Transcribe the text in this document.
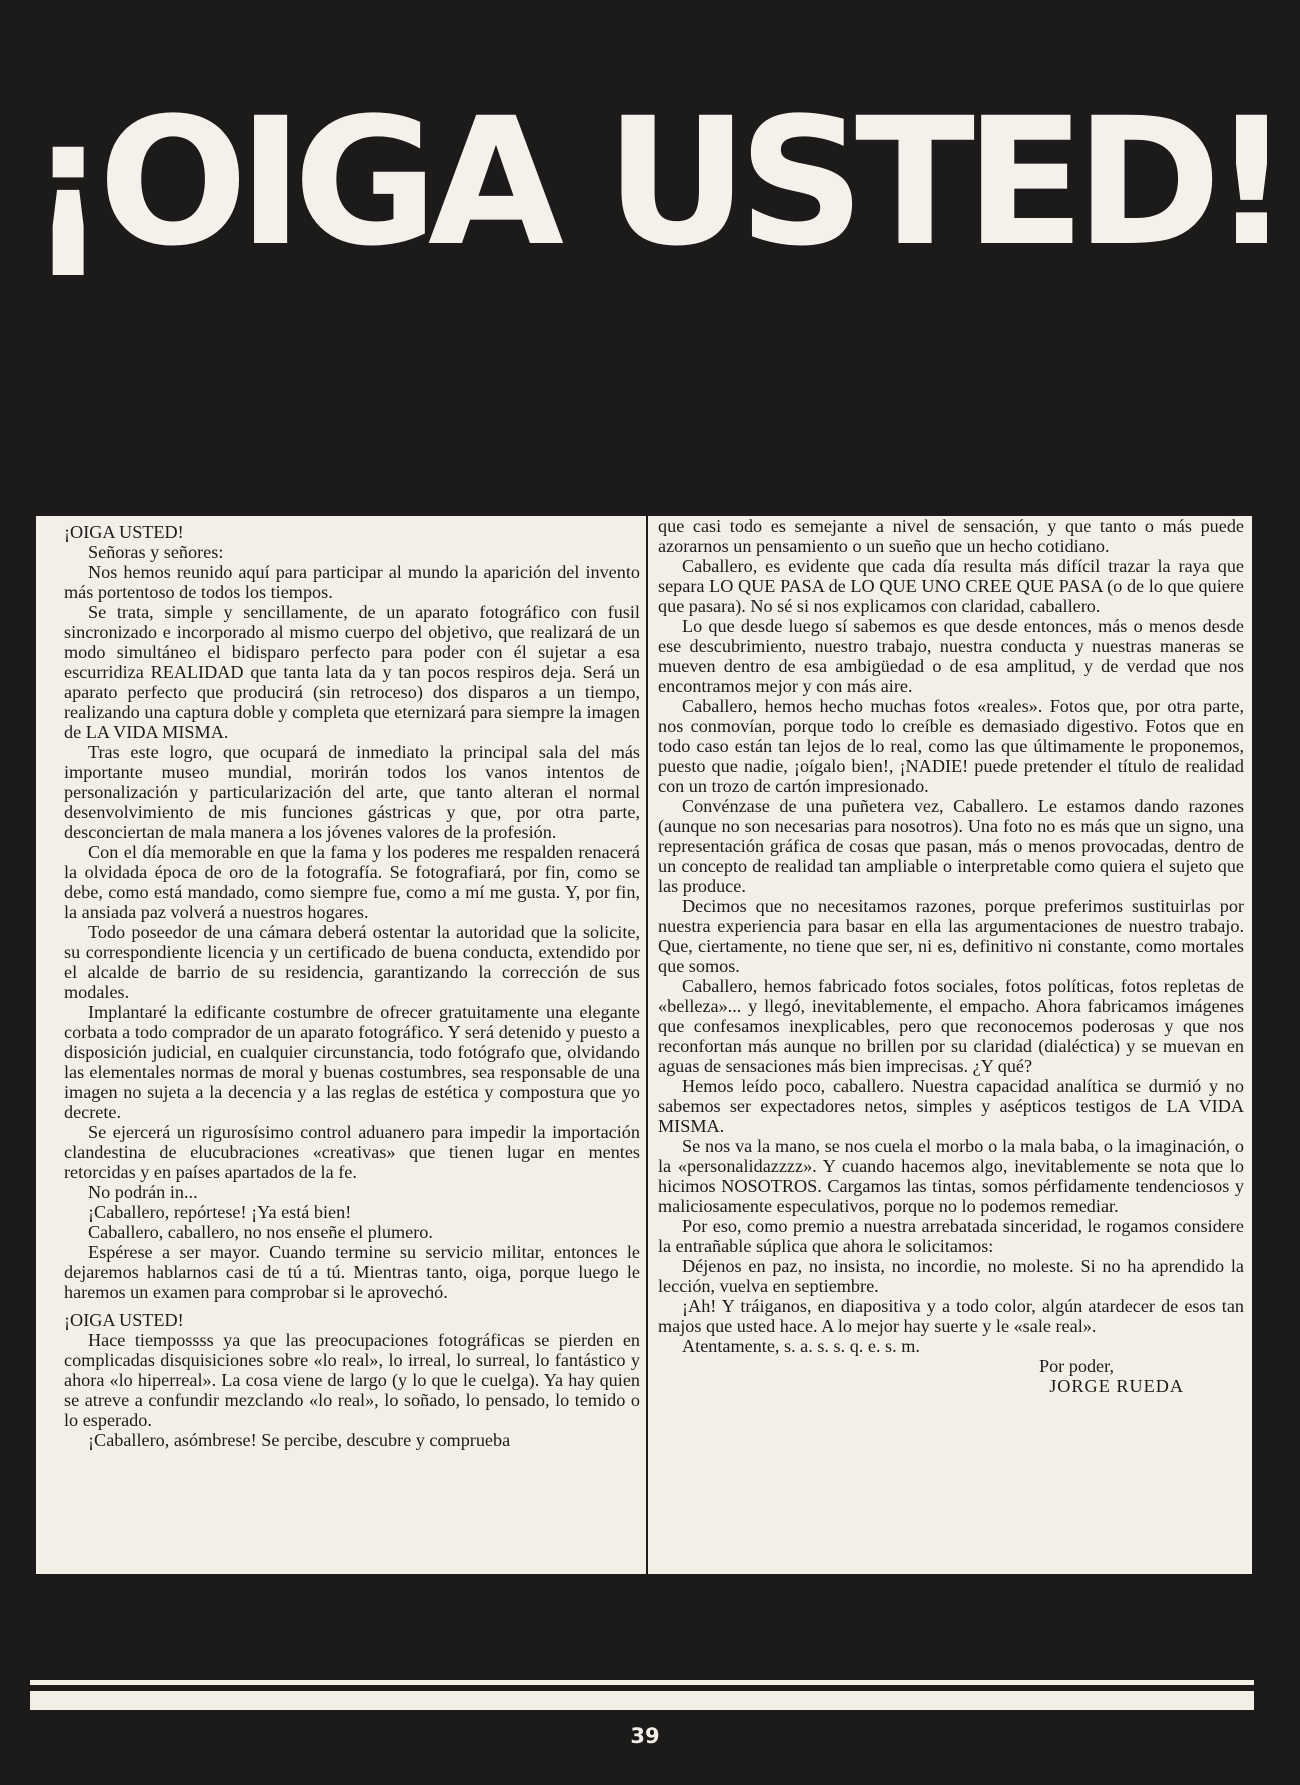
¡OIGA USTED!

¡OIGA USTED!

Señoras y señores:

Nos hemos reunido aquí para participar al mundo la aparición del invento más portentoso de todos los tiempos.

Se trata, simple y sencillamente, de un aparato fotográfico con fusil sincronizado e incorporado al mismo cuerpo del objetivo, que realizará de un modo simultáneo el bidisparo perfecto para poder con él sujetar a esa escurridiza REALIDAD que tanta lata da y tan pocos respiros deja. Será un aparato perfecto que producirá (sin retroceso) dos disparos a un tiempo, realizando una captura doble y completa que eternizará para siempre la imagen de LA VIDA MISMA.

Tras este logro, que ocupará de inmediato la principal sala del más importante museo mundial, morirán todos los vanos intentos de personalización y particularización del arte, que tanto alteran el normal desenvolvimiento de mis funciones gástricas y que, por otra parte, desconciertan de mala manera a los jóvenes valores de la profesión.

Con el día memorable en que la fama y los poderes me respalden renacerá la olvidada época de oro de la fotografía. Se fotografiará, por fin, como se debe, como está mandado, como siempre fue, como a mí me gusta. Y, por fin, la ansiada paz volverá a nuestros hogares.

Todo poseedor de una cámara deberá ostentar la autoridad que la solicite, su correspondiente licencia y un certificado de buena conducta, extendido por el alcalde de barrio de su residencia, garantizando la corrección de sus modales.

Implantaré la edificante costumbre de ofrecer gratuitamente una elegante corbata a todo comprador de un aparato fotográfico. Y será detenido y puesto a disposición judicial, en cualquier circunstancia, todo fotógrafo que, olvidando las elementales normas de moral y buenas costumbres, sea responsable de una imagen no sujeta a la decencia y a las reglas de estética y compostura que yo decrete.

Se ejercerá un rigurosísimo control aduanero para impedir la importación clandestina de elucubraciones «creativas» que tienen lugar en mentes retorcidas y en países apartados de la fe.

No podrán in...

¡Caballero, repórtese! ¡Ya está bien!

Caballero, caballero, no nos enseñe el plumero.

Espérese a ser mayor. Cuando termine su servicio militar, entonces le dejaremos hablarnos casi de tú a tú. Mientras tanto, oiga, porque luego le haremos un examen para comprobar si le aprovechó.

¡OIGA USTED!

Hace tiempossss ya que las preocupaciones fotográficas se pierden en complicadas disquisiciones sobre «lo real», lo irreal, lo surreal, lo fantástico y ahora «lo hiperreal». La cosa viene de largo (y lo que le cuelga). Ya hay quien se atreve a confundir mezclando «lo real», lo soñado, lo pensado, lo temido o lo esperado.

¡Caballero, asómbrese! Se percibe, descubre y comprueba

que casi todo es semejante a nivel de sensación, y que tanto o más puede azorarnos un pensamiento o un sueño que un hecho cotidiano.

Caballero, es evidente que cada día resulta más difícil trazar la raya que separa LO QUE PASA de LO QUE UNO CREE QUE PASA (o de lo que quiere que pasara). No sé si nos explicamos con claridad, caballero.

Lo que desde luego sí sabemos es que desde entonces, más o menos desde ese descubrimiento, nuestro trabajo, nuestra conducta y nuestras maneras se mueven dentro de esa ambigüedad o de esa amplitud, y de verdad que nos encontramos mejor y con más aire.

Caballero, hemos hecho muchas fotos «reales». Fotos que, por otra parte, nos conmovían, porque todo lo creíble es demasiado digestivo. Fotos que en todo caso están tan lejos de lo real, como las que últimamente le proponemos, puesto que nadie, ¡oígalo bien!, ¡NADIE! puede pretender el título de realidad con un trozo de cartón impresionado.

Convénzase de una puñetera vez, Caballero. Le estamos dando razones (aunque no son necesarias para nosotros). Una foto no es más que un signo, una representación gráfica de cosas que pasan, más o menos provocadas, dentro de un concepto de realidad tan ampliable o interpretable como quiera el sujeto que las produce.

Decimos que no necesitamos razones, porque preferimos sustituirlas por nuestra experiencia para basar en ella las argumentaciones de nuestro trabajo. Que, ciertamente, no tiene que ser, ni es, definitivo ni constante, como mortales que somos.

Caballero, hemos fabricado fotos sociales, fotos políticas, fotos repletas de «belleza»... y llegó, inevitablemente, el empacho. Ahora fabricamos imágenes que confesamos inexplicables, pero que reconocemos poderosas y que nos reconfortan más aunque no brillen por su claridad (dialéctica) y se muevan en aguas de sensaciones más bien imprecisas. ¿Y qué?

Hemos leído poco, caballero. Nuestra capacidad analítica se durmió y no sabemos ser expectadores netos, simples y asépticos testigos de LA VIDA MISMA.

Se nos va la mano, se nos cuela el morbo o la mala baba, o la imaginación, o la «personalidazzzz». Y cuando hacemos algo, inevitablemente se nota que lo hicimos NOSOTROS. Cargamos las tintas, somos pérfidamente tendenciosos y maliciosamente especulativos, porque no lo podemos remediar.

Por eso, como premio a nuestra arrebatada sinceridad, le rogamos considere la entrañable súplica que ahora le solicitamos:

Déjenos en paz, no insista, no incordie, no moleste. Si no ha aprendido la lección, vuelva en septiembre.

¡Ah! Y tráiganos, en diapositiva y a todo color, algún atardecer de esos tan majos que usted hace. A lo mejor hay suerte y le «sale real».

Atentamente, s. a. s. s. q. e. s. m.

Por poder,

JORGE RUEDA

39
